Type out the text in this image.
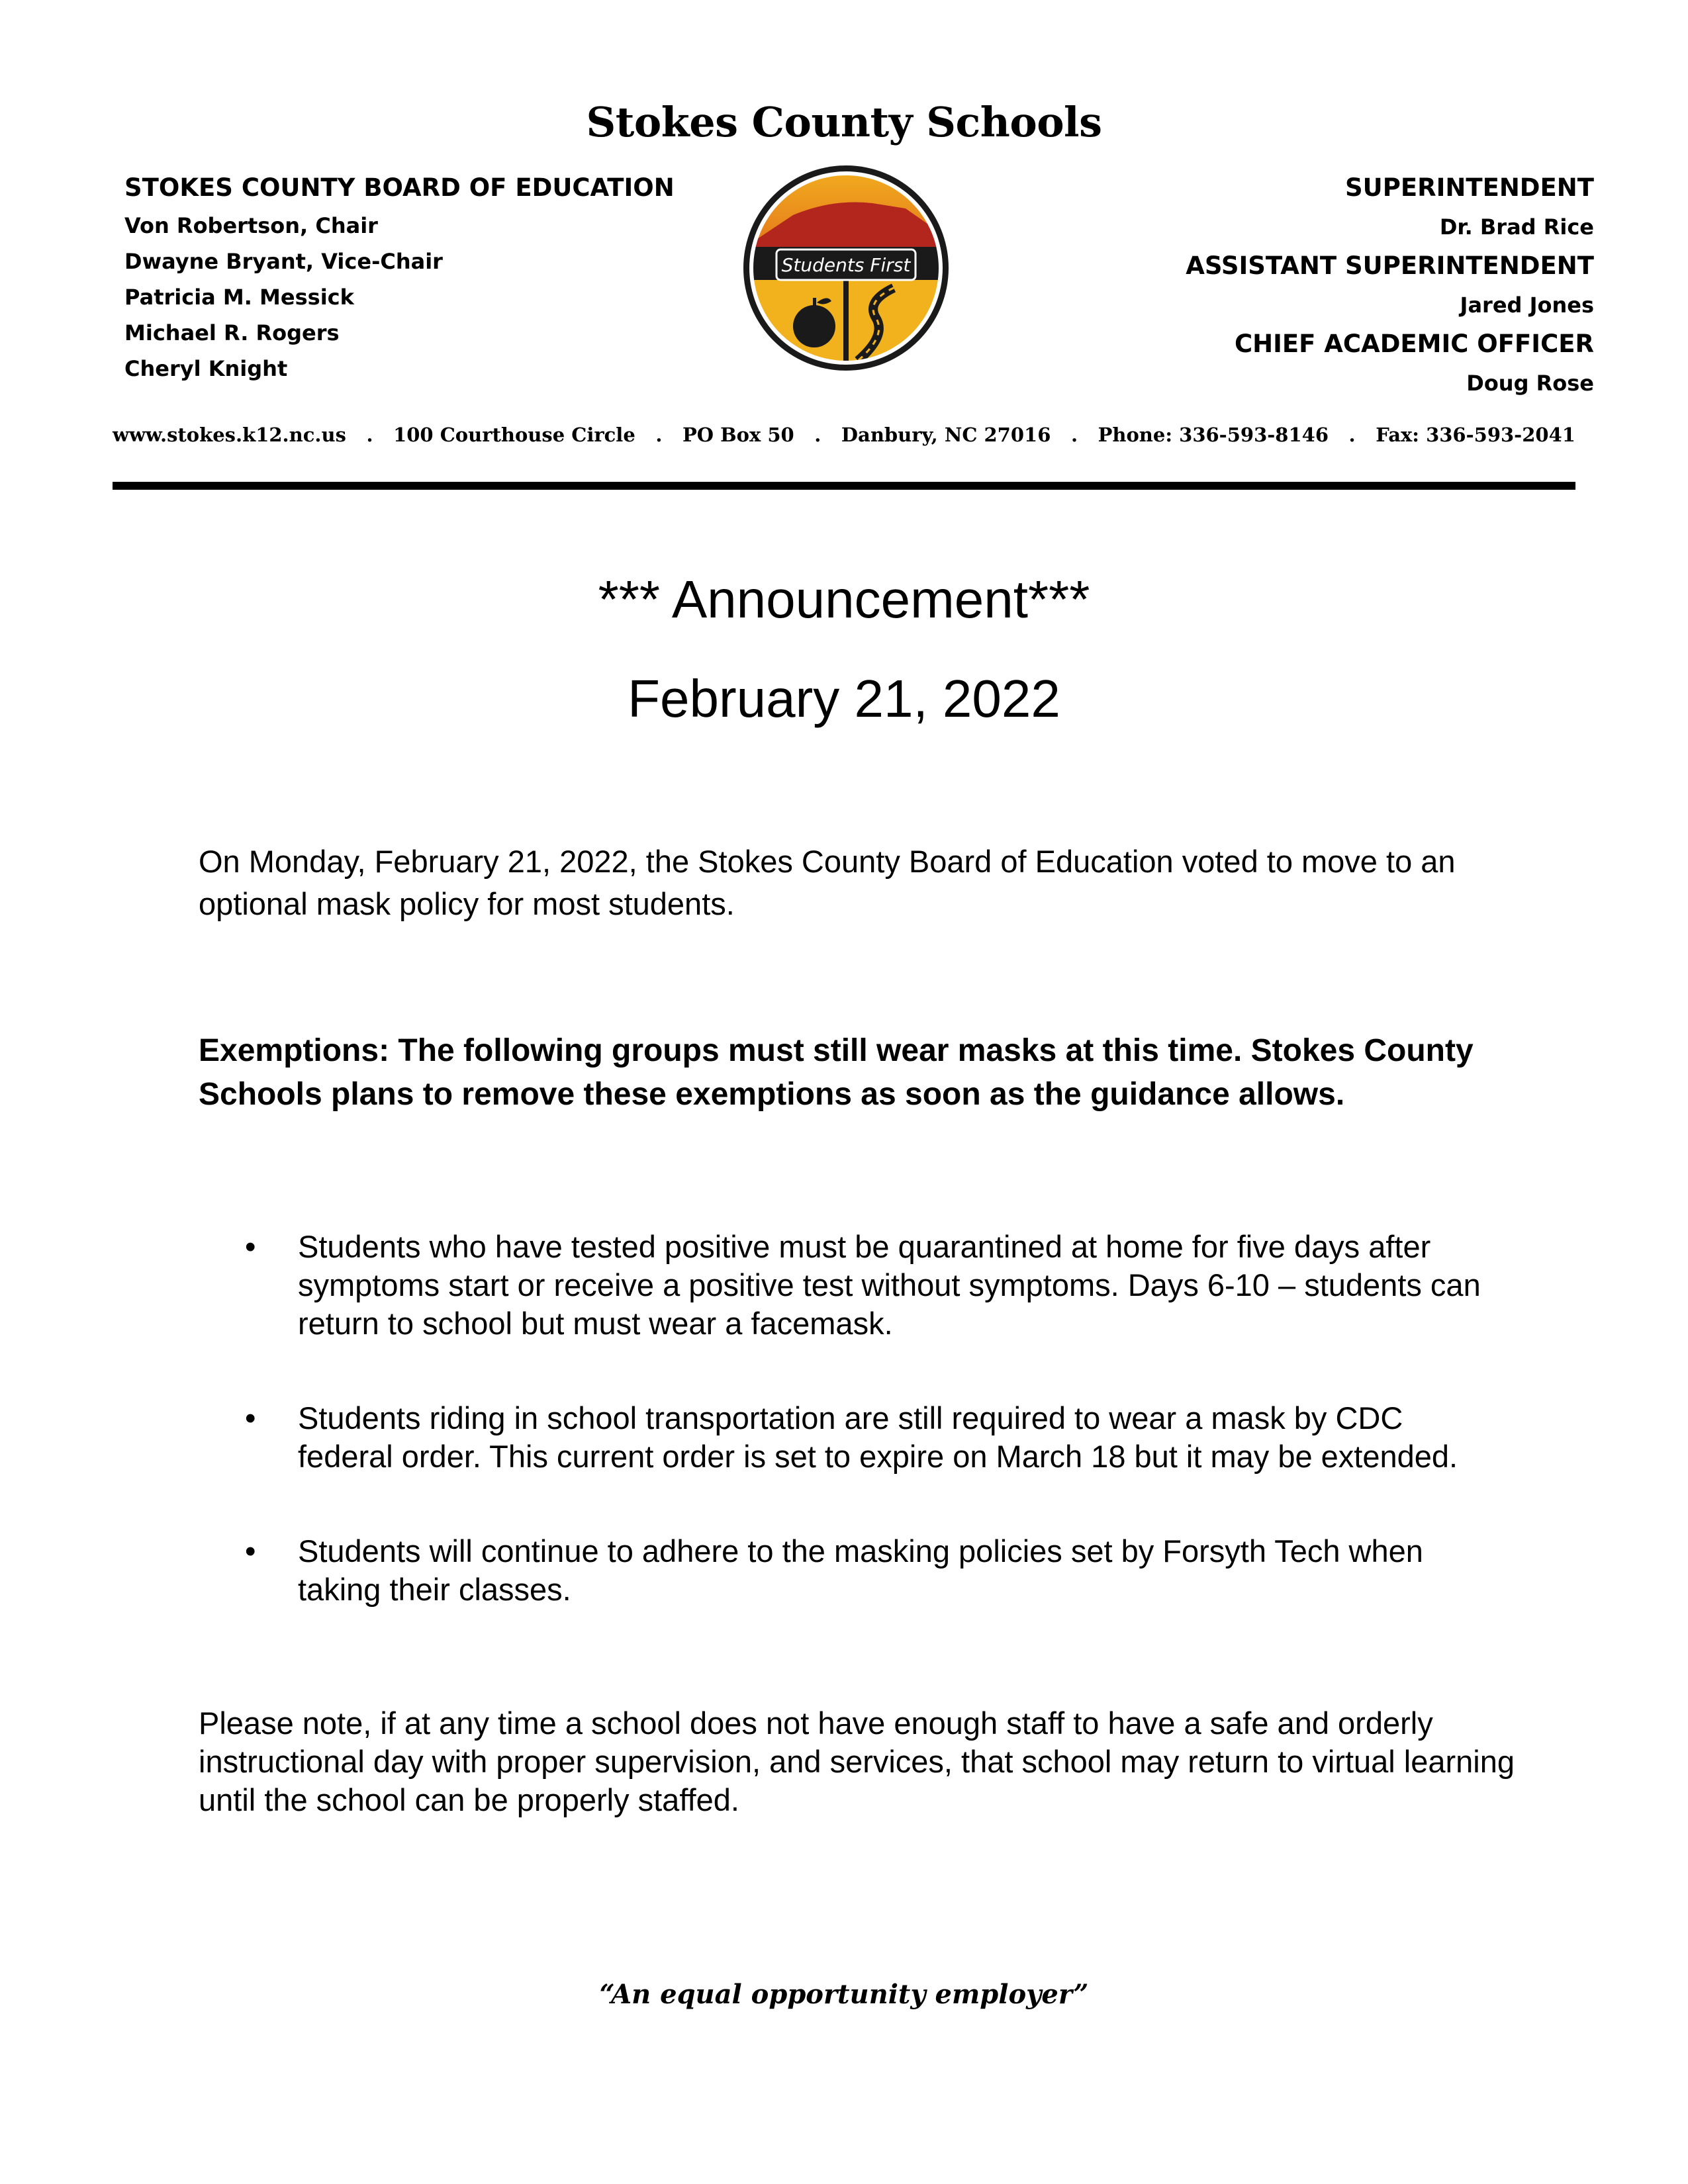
Stokes County Schools
STOKES COUNTY BOARD OF EDUCATION
Von Robertson, Chair
Dwayne Bryant, Vice-Chair
Patricia M. Messick
Michael R. Rogers
Cheryl Knight
Students First
SUPERINTENDENT
Dr. Brad Rice
ASSISTANT SUPERINTENDENT
Jared Jones
CHIEF ACADEMIC OFFICER
Doug Rose
www.stokes.k12.nc.us . 100 Courthouse Circle . PO Box 50 . Danbury, NC 27016 . Phone: 336-593-8146 . Fax: 336-593-2041
*** Announcement***
February 21, 2022
On Monday, February 21, 2022, the Stokes County Board of Education voted to move to an optional mask policy for most students.
Exemptions: The following groups must still wear masks at this time. Stokes County Schools plans to remove these exemptions as soon as the guidance allows.
• Students who have tested positive must be quarantined at home for five days after symptoms start or receive a positive test without symptoms. Days 6-10 – students can return to school but must wear a facemask.
• Students riding in school transportation are still required to wear a mask by CDC federal order. This current order is set to expire on March 18 but it may be extended.
• Students will continue to adhere to the masking policies set by Forsyth Tech when taking their classes.
Please note, if at any time a school does not have enough staff to have a safe and orderly instructional day with proper supervision, and services, that school may return to virtual learning until the school can be properly staffed.
“An equal opportunity employer”
